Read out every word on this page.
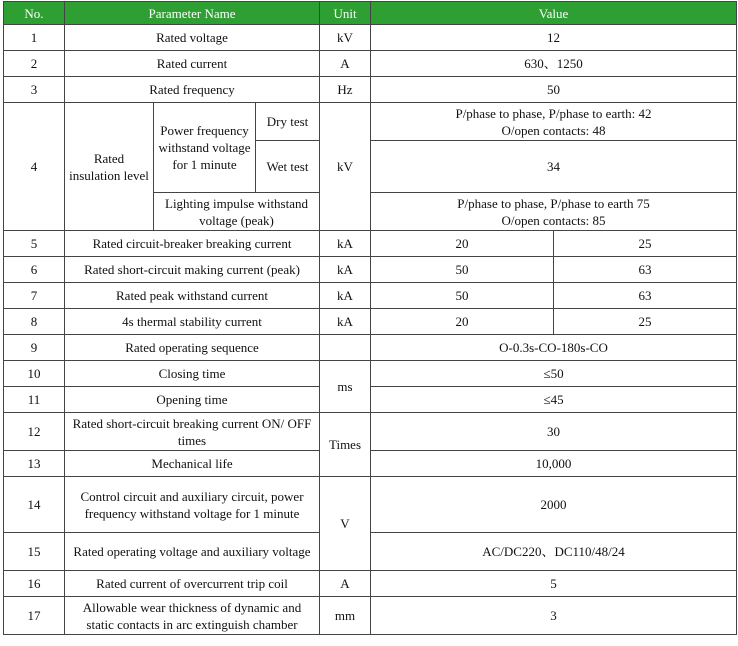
No.	Parameter Name			Unit	Value	
1	Rated voltage			kV	12	
2	Rated current			A	630、1250	
3	Rated frequency			Hz	50	
4	Rated insulation level	Power frequency withstand voltage for 1 minute	Dry test	kV	P/phase to phase, P/phase to earth: 42
O/open contacts: 48	

			Wet test		34	
		Lighting impulse withstand voltage (peak)			P/phase to phase, P/phase to earth 75
O/open contacts: 85	

5	Rated circuit-breaker breaking current			kA	20	25
6	Rated short-circuit making current (peak)			kA	50	63
7	Rated peak withstand current			kA	50	63
8	4s thermal stability current			kA	20	25
9	Rated operating sequence				O-0.3s-CO-180s-CO	
10	Closing time			ms	≤50	
11	Opening time				≤45	
12	Rated short-circuit breaking current ON/ OFF times			Times	30	
13	Mechanical life				10,000	
14	Control circuit and auxiliary circuit, power frequency withstand voltage for 1 minute			V	2000	
15	Rated operating voltage and auxiliary voltage				AC/DC220、DC110/48/24	
16	Rated current of overcurrent trip coil			A	5	
17	Allowable wear thickness of dynamic and static contacts in arc extinguish chamber			mm	3	
